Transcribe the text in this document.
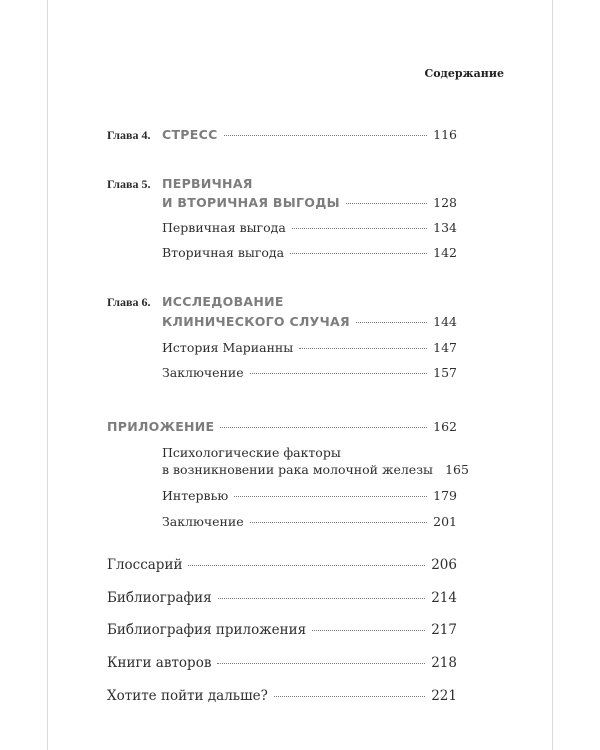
Содержание
Глава 4. СТРЕСС	116
Глава 5. ПЕРВИЧНАЯ
И ВТОРИЧНАЯ ВЫГОДЫ	128
Первичная выгода	134
Вторичная выгода	142
Глава 6. ИССЛЕДОВАНИЕ
КЛИНИЧЕСКОГО СЛУЧАЯ	144
История Марианны	147
Заключение	157
ПРИЛОЖЕНИЕ	162
Психологические факторы
в возникновении рака молочной железы 165
Интервью	179
Заключение	201
Глоссарий	206
Библиография	214
Библиография приложения	217
Книги авторов	218
Хотите пойти дальше?	221
